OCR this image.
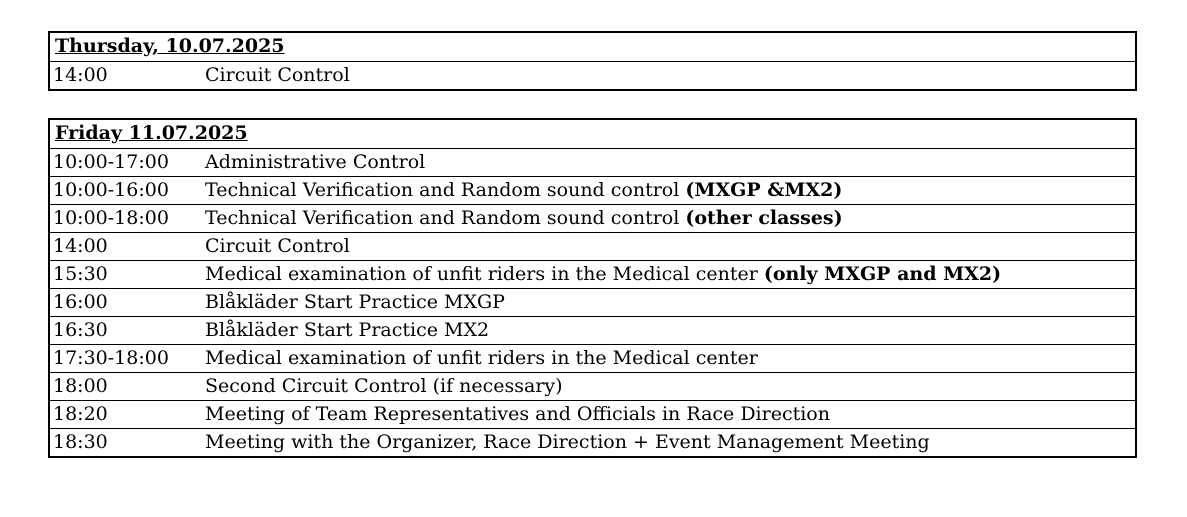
Thursday, 10.07.2025
14:00	Circuit Control
Friday 11.07.2025
10:00-17:00 Administrative Control
10:00-16:00 Technical Verification and Random sound control (MXGP &MX2)
10:00-18:00 Technical Verification and Random sound control (other classes)
14:00	Circuit Control
15:30	Medical examination of unfit riders in the Medical center (only MXGP and MX2)
16:00	Blåkläder Start Practice MXGP
16:30	Blåkläder Start Practice MX2
17:30-18:00 Medical examination of unfit riders in the Medical center
18:00	Second Circuit Control (if necessary)
18:20	Meeting of Team Representatives and Officials in Race Direction
18:30	Meeting with the Organizer, Race Direction + Event Management Meeting
